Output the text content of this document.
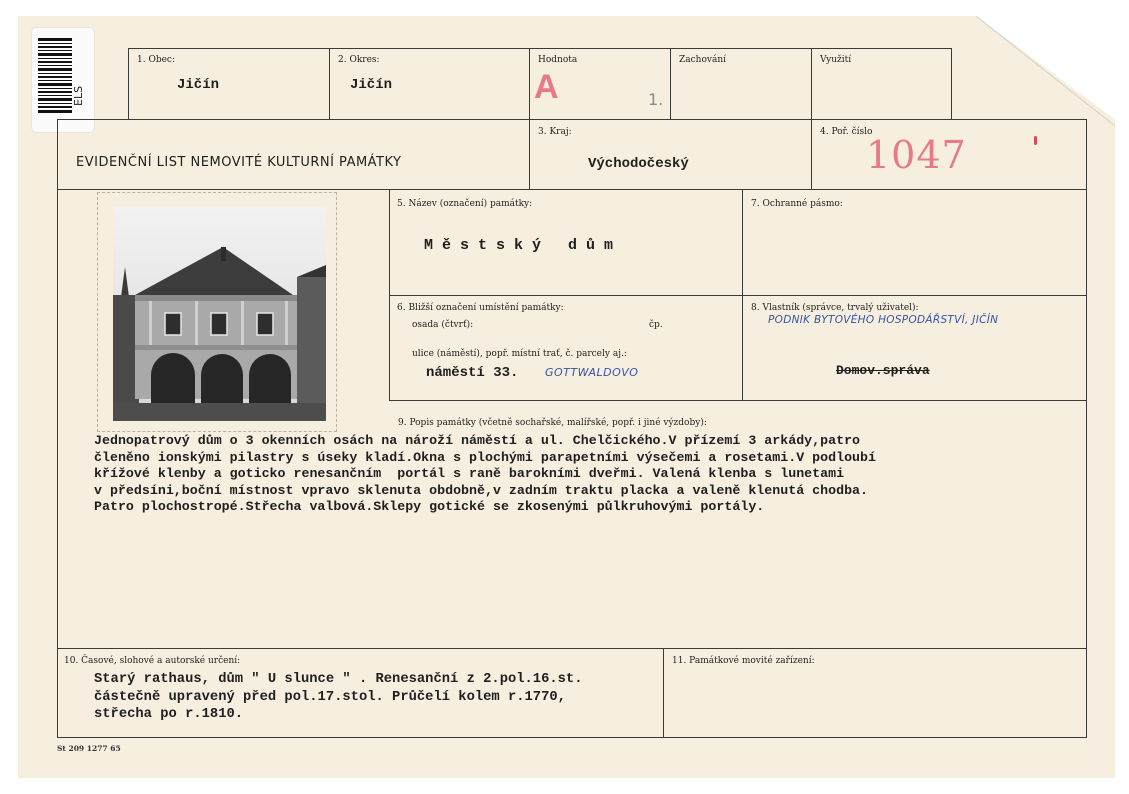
ELS
1. Obec:
Jičín
2. Okres:
Jičín
Hodnota
A	1.
Zachování	Využití
EVIDENČNÍ LIST NEMOVITÉ KULTURNÍ PAMÁTKY
3. Kraj:
Východočeský
4. Poř. číslo
1047
5. Název (označení) památky:
M ě s t s k ý   d ů m
7. Ochranné pásmo:
6. Bližší označení umístění památky:
osada (čtvrť):	čp.
ulice (náměstí), popř. místní trať, č. parcely aj.:
náměstí 33. GOTTWALDOVO
8. Vlastník (správce, trvalý uživatel):
PODNIK BYTOVÉHO HOSPODÁŘSTVÍ, JIČÍN
Domov.správa
9. Popis památky (včetně sochařské, malířské, popř. i jiné výzdoby):
Jednopatrový dům o 3 okenních osách na nároží náměstí a ul. Chelčického.V přízemí 3 arkády,patro
členěno ionskými pilastry s úseky kladí.Okna s plochými parapetními výsečemi a rosetami.V podloubí
křížové klenby a goticko renesančním  portál s raně barokními dveřmi. Valená klenba s lunetami
v předsíni,boční místnost vpravo sklenuta obdobně,v zadním traktu placka a valeně klenutá chodba.
Patro plochostropé.Střecha valbová.Sklepy gotické se zkosenými půlkruhovými portály.
10. Časové, slohové a autorské určení:
Starý rathaus, dům " U slunce " . Renesanční z 2.pol.16.st.
částečně upravený před pol.17.stol. Průčelí kolem r.1770,
střecha po r.1810.
11. Památkové movité zařízení:
St 209 1277 65
